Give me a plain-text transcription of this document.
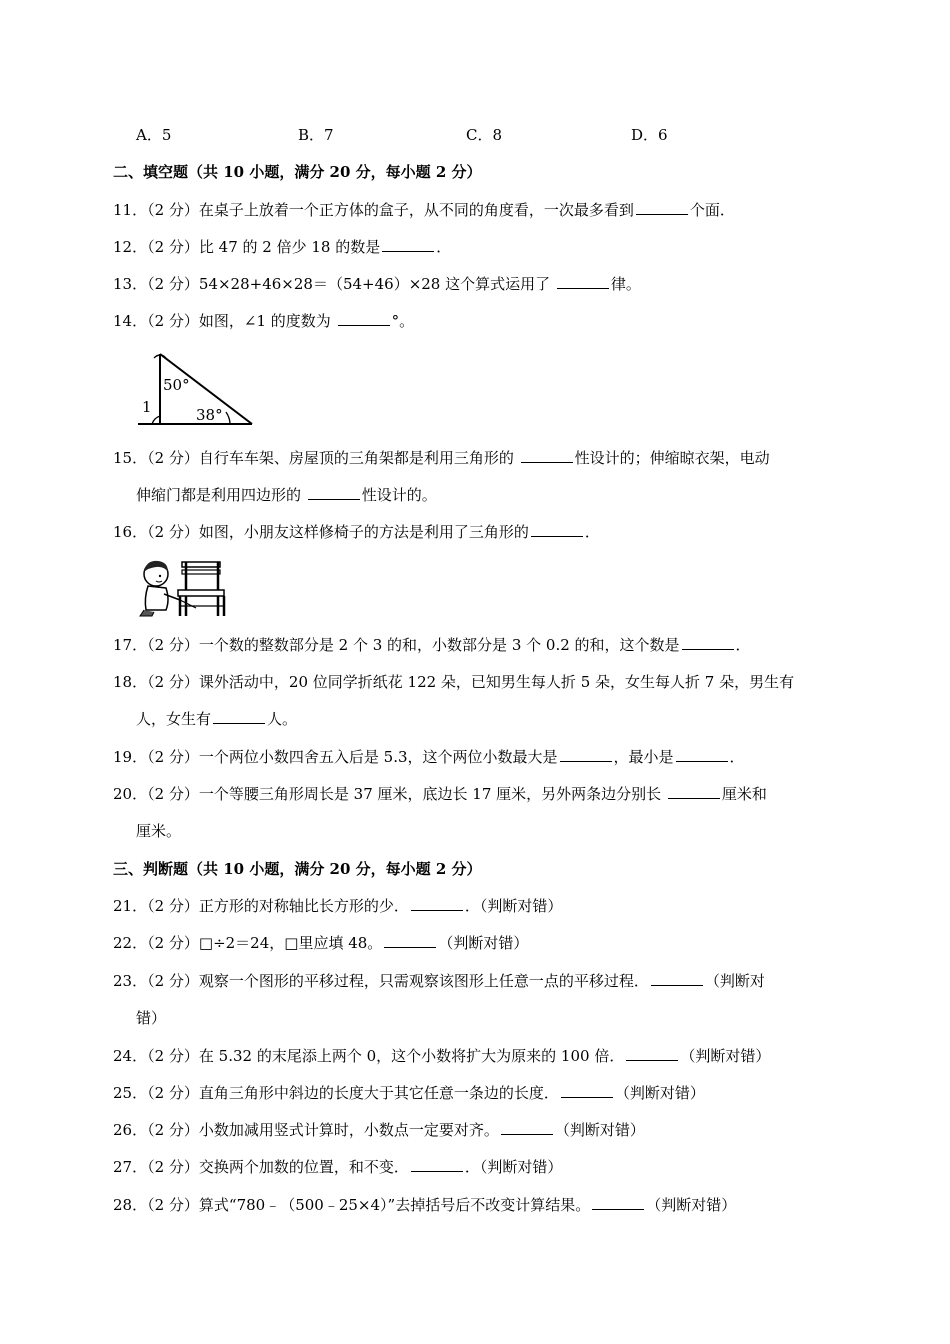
A．5	B．7	C．8	D．6
二、填空题（共 10 小题，满分 20 分，每小题 2 分）
11．（2 分）在桌子上放着一个正方体的盒子，从不同的角度看，一次最多看到	个面．
12．（2 分）比 47 的 2 倍少 18 的数是	．
13．（2 分）54×28+46×28＝（54+46）×28 这个算式运用了	律。
14．（2 分）如图，∠1 的度数为	°。
50°
38°
1
15．（2 分）自行车车架、房屋顶的三角架都是利用三角形的	性设计的；伸缩晾衣架，电动
伸缩门都是利用四边形的	性设计的。
16．（2 分）如图，小朋友这样修椅子的方法是利用了三角形的	．
17．（2 分）一个数的整数部分是 2 个 3 的和，小数部分是 3 个 0.2 的和，这个数是	．
18．（2 分）课外活动中，20 位同学折纸花 122 朵，已知男生每人折 5 朵，女生每人折 7 朵，男生有
人，女生有	人。
19．（2 分）一个两位小数四舍五入后是 5.3，这个两位小数最大是	，最小是	．
20．（2 分）一个等腰三角形周长是 37 厘米，底边长 17 厘米，另外两条边分别长	厘米和
厘米。
三、判断题（共 10 小题，满分 20 分，每小题 2 分）
21．（2 分）正方形的对称轴比长方形的少．	．（判断对错）
22．（2 分）□÷2＝24，□里应填 48。	（判断对错）
23．（2 分）观察一个图形的平移过程，只需观察该图形上任意一点的平移过程．	（判断对
错）
24．（2 分）在 5.32 的末尾添上两个 0，这个小数将扩大为原来的 100 倍．	（判断对错）
25．（2 分）直角三角形中斜边的长度大于其它任意一条边的长度．	（判断对错）
26．（2 分）小数加减用竖式计算时，小数点一定要对齐。	（判断对错）
27．（2 分）交换两个加数的位置，和不变．	．（判断对错）
28．（2 分）算式“780﹣（500﹣25×4）”去掉括号后不改变计算结果。	（判断对错）
